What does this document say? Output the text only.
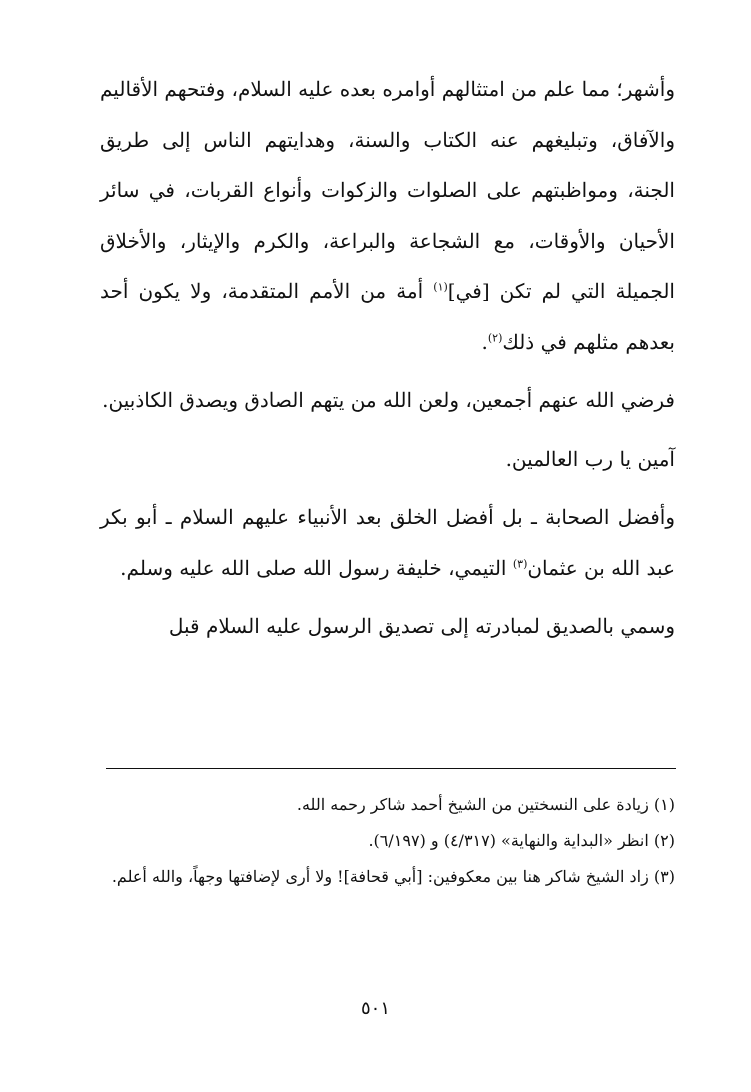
وأشهر؛ مما علم من امتثالهم أوامره بعده عليه السلام، وفتحهم الأقاليم والآفاق، وتبليغهم عنه الكتاب والسنة، وهدايتهم الناس إلى طريق الجنة، ومواظبتهم على الصلوات والزكوات وأنواع القربات، في سائر الأحيان والأوقات، مع الشجاعة والبراعة، والكرم والإيثار، والأخلاق الجميلة التي لم تكن [في]$^{(١)}$ أمة من الأمم المتقدمة، ولا يكون أحد بعدهم مثلهم في ذلك$^{(٢)}$.

فرضي الله عنهم أجمعين، ولعن الله من يتهم الصادق ويصدق الكاذبين.

آمين يا رب العالمين.

وأفضل الصحابة ـ بل أفضل الخلق بعد الأنبياء عليهم السلام ـ أبو بكر عبد الله بن عثمان$^{(٣)}$ التيمي، خليفة رسول الله صلى الله عليه وسلم.

وسمي بالصديق لمبادرته إلى تصديق الرسول عليه السلام قبل

(١) زيادة على النسختين من الشيخ أحمد شاكر رحمه الله.

(٢) انظر «البداية والنهاية» (٤/٣١٧) و (٦/١٩٧).

(٣) زاد الشيخ شاكر هنا بين معكوفين: [أبي قحافة]! ولا أرى لإضافتها وجهاً، والله أعلم.

٥٠١
